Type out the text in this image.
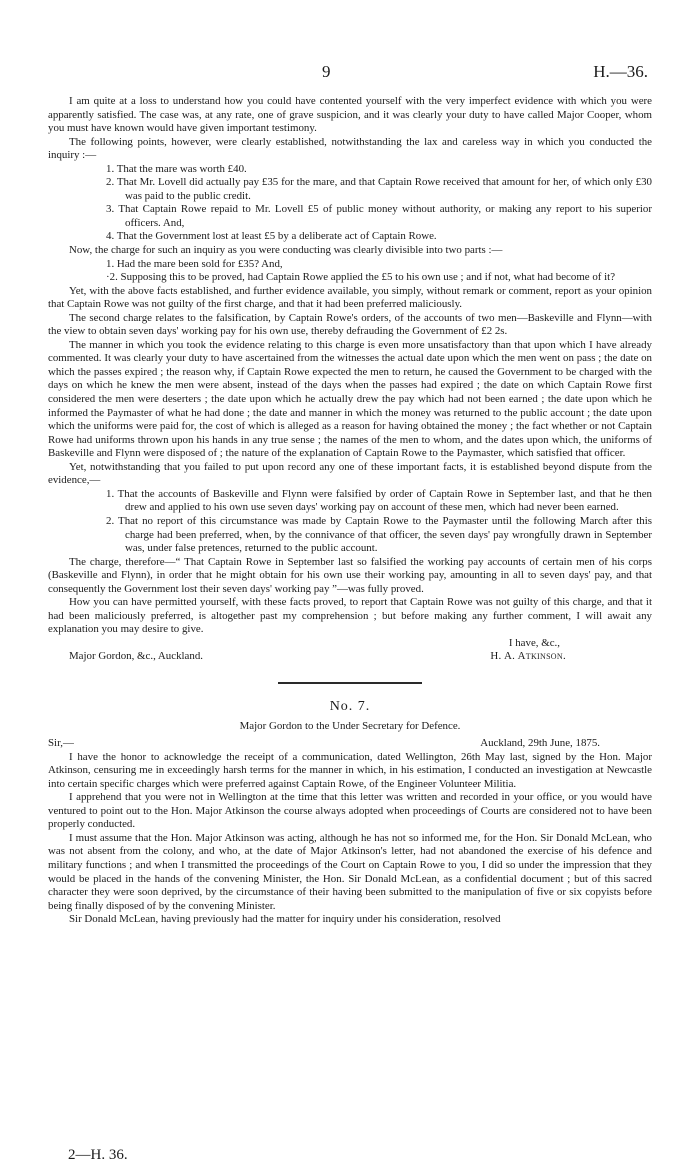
9	H.—36.

I am quite at a loss to understand how you could have contented yourself with the very imperfect evidence with which you were apparently satisfied. The case was, at any rate, one of grave suspicion, and it was clearly your duty to have called Major Cooper, whom you must have known would have given important testimony.

The following points, however, were clearly established, notwithstanding the lax and careless way in which you conducted the inquiry :—

1. That the mare was worth £40.
2. That Mr. Lovell did actually pay £35 for the mare, and that Captain Rowe received that amount for her, of which only £30 was paid to the public credit.
3. That Captain Rowe repaid to Mr. Lovell £5 of public money without authority, or making any report to his superior officers. And,
4. That the Government lost at least £5 by a deliberate act of Captain Rowe.

Now, the charge for such an inquiry as you were conducting was clearly divisible into two parts :—

1. Had the mare been sold for £35? And,
·2. Supposing this to be proved, had Captain Rowe applied the £5 to his own use ; and if not, what had become of it?

Yet, with the above facts established, and further evidence available, you simply, without remark or comment, report as your opinion that Captain Rowe was not guilty of the first charge, and that it had been preferred maliciously.

The second charge relates to the falsification, by Captain Rowe's orders, of the accounts of two men—Baskeville and Flynn—with the view to obtain seven days' working pay for his own use, thereby defrauding the Government of £2 2s.

The manner in which you took the evidence relating to this charge is even more unsatisfactory than that upon which I have already commented. It was clearly your duty to have ascertained from the witnesses the actual date upon which the men went on pass ; the date on which the passes expired ; the reason why, if Captain Rowe expected the men to return, he caused the Government to be charged with the days on which he knew the men were absent, instead of the days when the passes had expired ; the date on which Captain Rowe first considered the men were deserters ; the date upon which he actually drew the pay which had not been earned ; the date upon which he informed the Paymaster of what he had done ; the date and manner in which the money was returned to the public account ; the date upon which the uniforms were paid for, the cost of which is alleged as a reason for having obtained the money ; the fact whether or not Captain Rowe had uniforms thrown upon his hands in any true sense ; the names of the men to whom, and the dates upon which, the uniforms of Baskeville and Flynn were disposed of ; the nature of the explanation of Captain Rowe to the Paymaster, which satisfied that officer.

Yet, notwithstanding that you failed to put upon record any one of these important facts, it is established beyond dispute from the evidence,—

1. That the accounts of Baskeville and Flynn were falsified by order of Captain Rowe in September last, and that he then drew and applied to his own use seven days' working pay on account of these men, which had never been earned.
2. That no report of this circumstance was made by Captain Rowe to the Paymaster until the following March after this charge had been preferred, when, by the connivance of that officer, the seven days' pay wrongfully drawn in September was, under false pretences, returned to the public account.

The charge, therefore—“ That Captain Rowe in September last so falsified the working pay accounts of certain men of his corps (Baskeville and Flynn), in order that he might obtain for his own use their working pay, amounting in all to seven days' pay, and that consequently the Government lost their seven days' working pay ”—was fully proved.

How you can have permitted yourself, with these facts proved, to report that Captain Rowe was not guilty of this charge, and that it had been maliciously preferred, is altogether past my comprehension ; but before making any further comment, I will await any explanation you may desire to give.

I have, &c.,
Major Gordon, &c., Auckland.	H. A. Atkinson.
No. 7.
Major Gordon to the Under Secretary for Defence.
Sir,—	Auckland, 29th June, 1875.

I have the honor to acknowledge the receipt of a communication, dated Wellington, 26th May last, signed by the Hon. Major Atkinson, censuring me in exceedingly harsh terms for the manner in which, in his estimation, I conducted an investigation at Newcastle into certain specific charges which were preferred against Captain Rowe, of the Engineer Volunteer Militia.

I apprehend that you were not in Wellington at the time that this letter was written and recorded in your office, or you would have ventured to point out to the Hon. Major Atkinson the course always adopted when proceedings of Courts are considered not to have been properly conducted.

I must assume that the Hon. Major Atkinson was acting, although he has not so informed me, for the Hon. Sir Donald McLean, who was not absent from the colony, and who, at the date of Major Atkinson's letter, had not abandoned the exercise of his defence and military functions ; and when I transmitted the proceedings of the Court on Captain Rowe to you, I did so under the impression that they would be placed in the hands of the convening Minister, the Hon. Sir Donald McLean, as a confidential document ; but of this sacred character they were soon deprived, by the circumstance of their having been submitted to the manipulation of five or six copyists before being finally disposed of by the convening Minister.

Sir Donald McLean, having previously had the matter for inquiry under his consideration, resolved

2—H. 36.
